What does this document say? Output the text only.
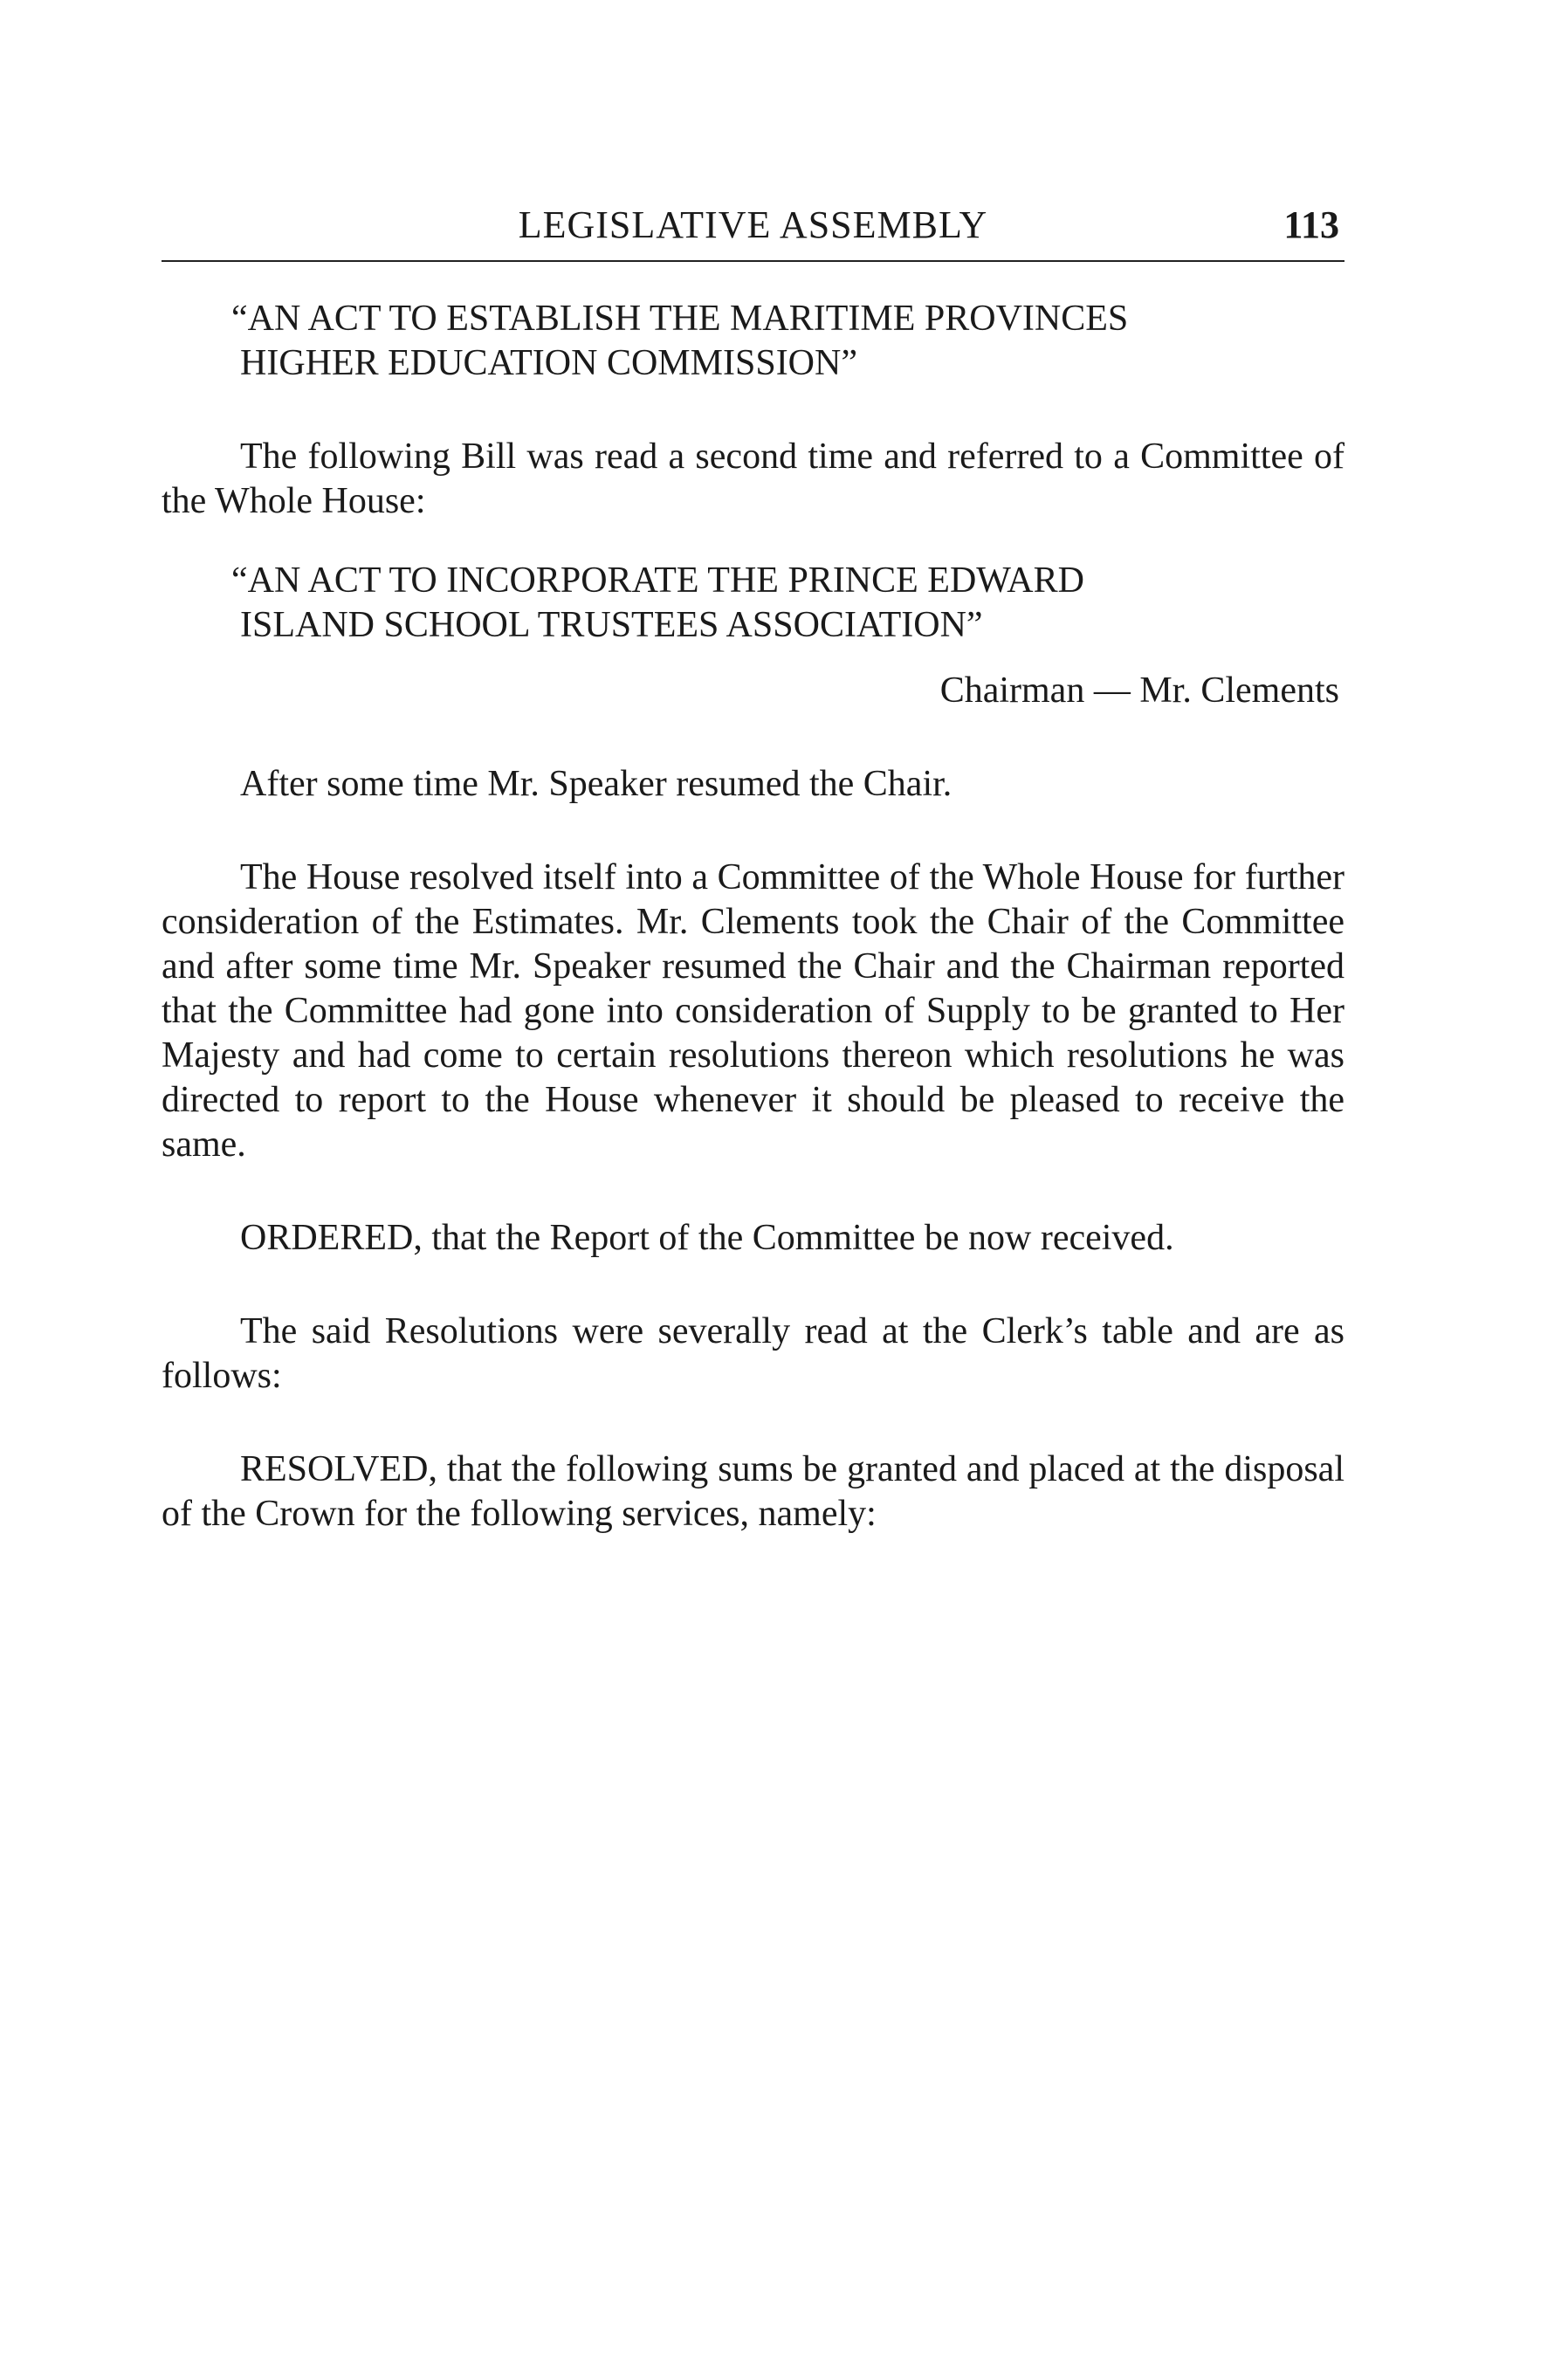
LEGISLATIVE ASSEMBLY	113
“AN ACT TO ESTABLISH THE MARITIME PROVINCES
HIGHER EDUCATION COMMISSION”

The following Bill was read a second time and referred to a Committee of the Whole House:

“AN ACT TO INCORPORATE THE PRINCE EDWARD
ISLAND SCHOOL TRUSTEES ASSOCIATION”

Chairman — Mr. Clements

After some time Mr. Speaker resumed the Chair.

The House resolved itself into a Committee of the Whole House for further consideration of the Estimates. Mr. Clements took the Chair of the Committee and after some time Mr. Speaker resumed the Chair and the Chairman reported that the Committee had gone into consideration of Supply to be granted to Her Majesty and had come to certain resolutions thereon which resolutions he was directed to report to the House whenever it should be pleased to receive the same.

ORDERED, that the Report of the Committee be now received.

The said Resolutions were severally read at the Clerk’s table and are as follows:

RESOLVED, that the following sums be granted and placed at the disposal of the Crown for the following services, namely:
